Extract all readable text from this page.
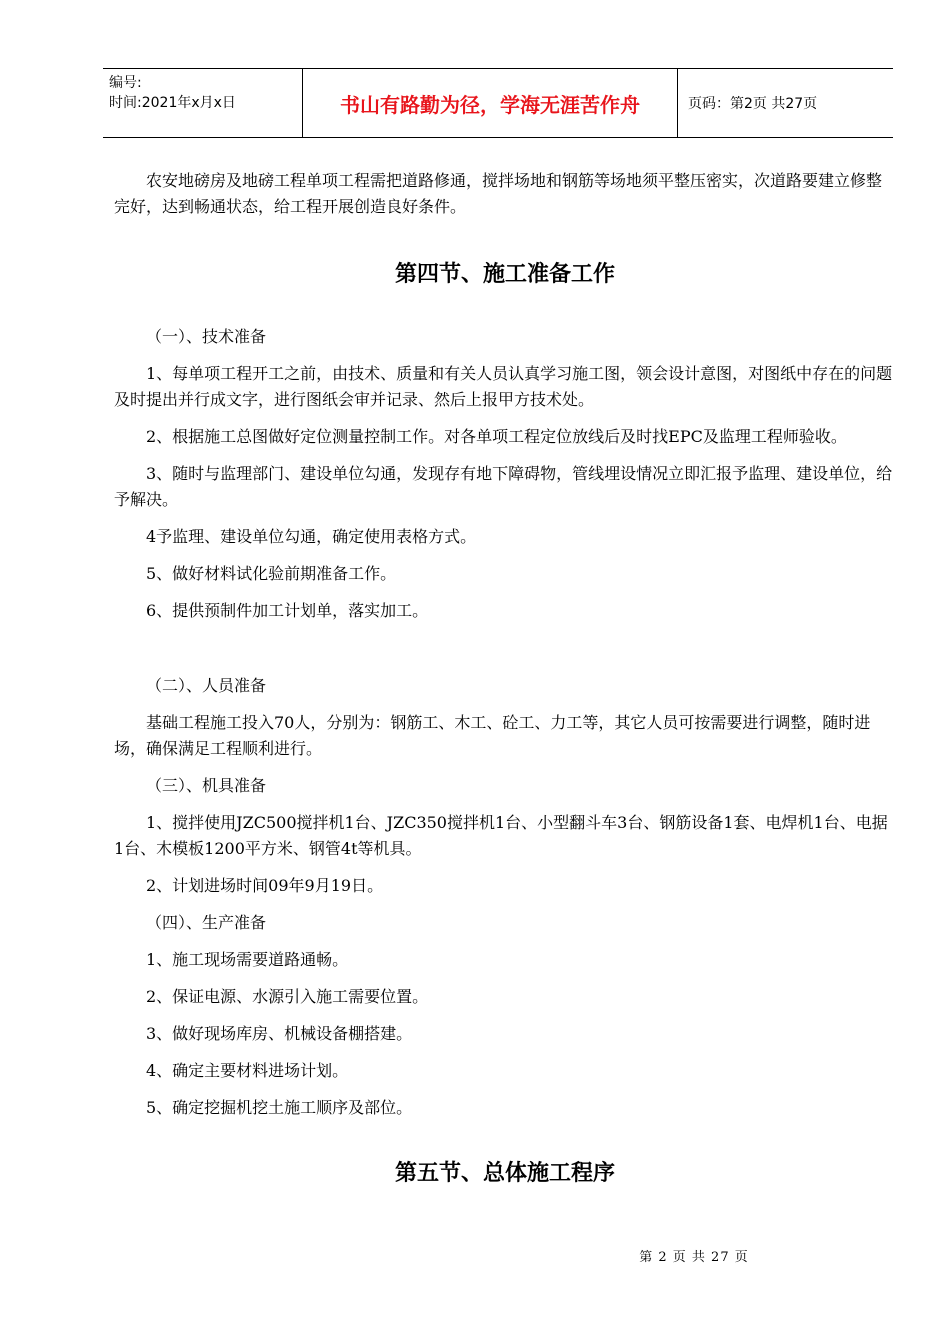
编号:
时间:2021年x月x日	书山有路勤为径，学海无涯苦作舟	页码：第2页 共27页

农安地磅房及地磅工程单项工程需把道路修通，搅拌场地和钢筋等场地须平整压密实，次道路要建立修整完好，达到畅通状态，给工程开展创造良好条件。

第四节、施工准备工作

（一）、技术准备

1、每单项工程开工之前，由技术、质量和有关人员认真学习施工图，领会设计意图，对图纸中存在的问题及时提出并行成文字，进行图纸会审并记录、然后上报甲方技术处。

2、根据施工总图做好定位测量控制工作。对各单项工程定位放线后及时找EPC及监理工程师验收。

3、随时与监理部门、建设单位勾通，发现存有地下障碍物，管线埋设情况立即汇报予监理、建设单位，给予解决。

4予监理、建设单位勾通，确定使用表格方式。

5、做好材料试化验前期准备工作。

6、提供预制件加工计划单，落实加工。

（二）、人员准备

基础工程施工投入70人，分别为：钢筋工、木工、砼工、力工等，其它人员可按需要进行调整，随时进场，确保满足工程顺利进行。

（三）、机具准备

1、搅拌使用JZC500搅拌机1台、JZC350搅拌机1台、小型翻斗车3台、钢筋设备1套、电焊机1台、电据1台、木模板1200平方米、钢管4t等机具。

2、计划进场时间09年9月19日。

（四）、生产准备

1、施工现场需要道路通畅。

2、保证电源、水源引入施工需要位置。

3、做好现场库房、机械设备棚搭建。

4、确定主要材料进场计划。

5、确定挖掘机挖土施工顺序及部位。

第五节、总体施工程序
第 2 页 共 27 页
